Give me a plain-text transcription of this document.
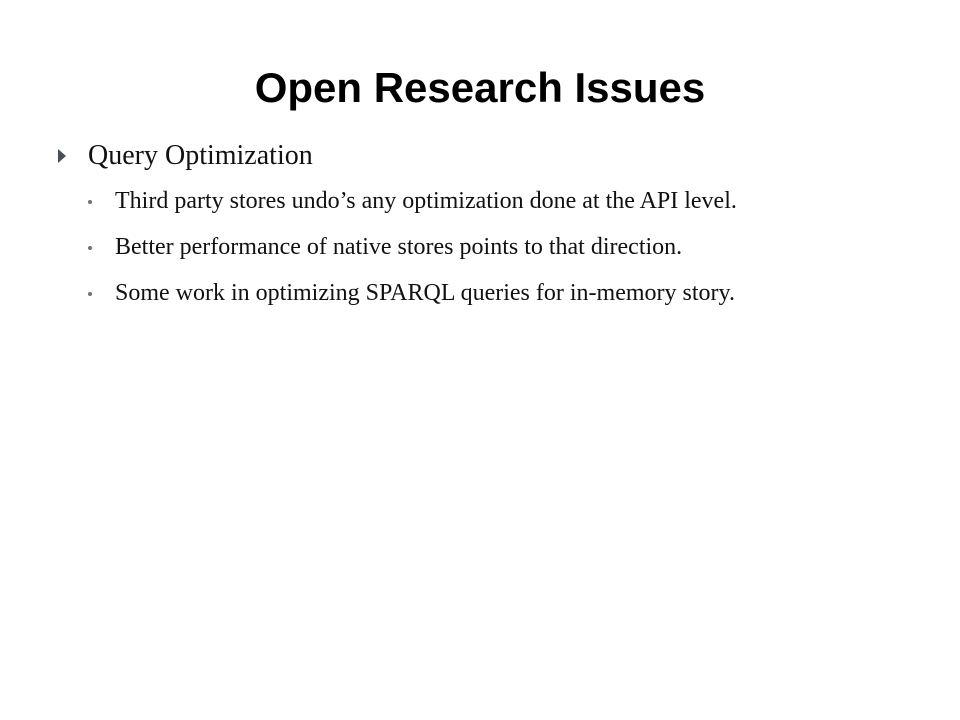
Open Research Issues
Query Optimization
Third party stores undo’s any optimization done at the API level.
Better performance of native stores points to that direction.
Some work in optimizing SPARQL queries for in-memory story.
